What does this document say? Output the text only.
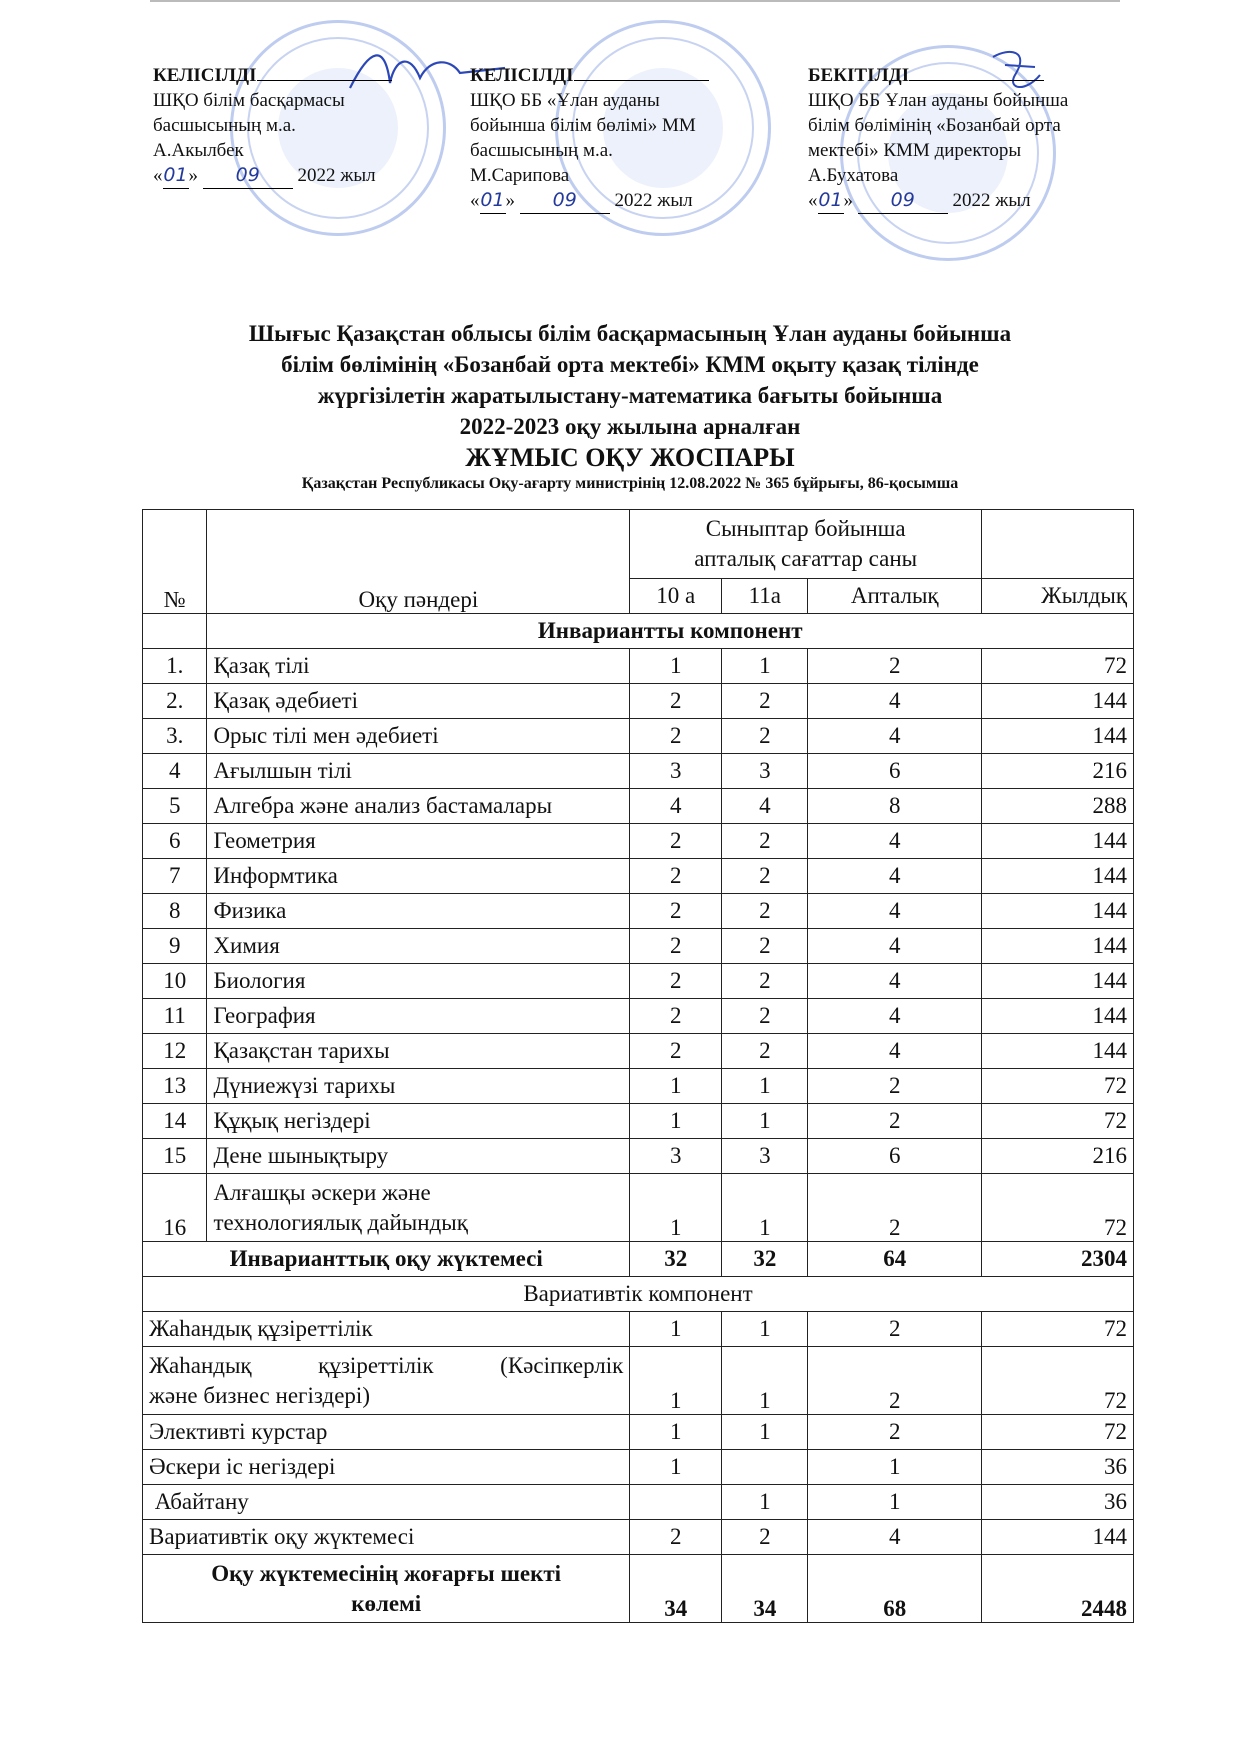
КЕЛІСІЛДІ
ШҚО білім басқармасы
басшысының м.а.
А.Акылбек
«01» 09 2022 жыл
КЕЛІСІЛДІ
ШҚО ББ «Ұлан ауданы
бойынша білім бөлімі» ММ
басшысының м.а.
М.Сарипова
«01» 09 2022 жыл
БЕКІТІЛДІ
ШҚО ББ Ұлан ауданы бойынша
білім бөлімінің «Бозанбай орта
мектебі» КММ директоры
А.Бухатова
«01» 09 2022 жыл
Шығыс Қазақстан облысы білім басқармасының Ұлан ауданы бойынша
білім бөлімінің «Бозанбай орта мектебі» КММ оқыту қазақ тілінде
жүргізілетін жаратылыстану-математика бағыты бойынша
2022-2023 оқу жылына арналған
ЖҰМЫС ОҚУ ЖОСПАРЫ
Қазақстан Республикасы Оқу-ағарту министрінің 12.08.2022 № 365 бұйрығы, 86-қосымша
№	Оқу пәндері	Сыныптар бойынша
апталық сағаттар саны			

		10 а	11а	Апталық	Жылдық
	Инвариантты компонент				
1.	Қазақ тілі	1	1	2	72
2.	Қазақ әдебиеті	2	2	4	144
3.	Орыс тілі мен әдебиеті	2	2	4	144
4	Ағылшын тілі	3	3	6	216
5	Алгебра және анализ бастамалары	4	4	8	288
6	Геометрия	2	2	4	144
7	Информтика	2	2	4	144
8	Физика	2	2	4	144
9	Химия	2	2	4	144
10	Биология	2	2	4	144
11	География	2	2	4	144
12	Қазақстан тарихы	2	2	4	144
13	Дүниежүзі тарихы	1	1	2	72
14	Құқық негіздері	1	1	2	72
15	Дене шынықтыру	3	3	6	216
16	Алғашқы әскери және
технологиялық дайындық	1	1	2	72
Инварианттық оқу жүктемесі		32	32	64	2304
Вариативтік компонент					
Жаһандық құзіреттілік		1	1	2	72

Жаһандық құзіреттілік (Кәсіпкерлік
және бизнес негіздері)		1	1	2	72
Элективті курстар		1	1	2	72
Әскери іс негіздері		1		1	36
Абайтану			1	1	36
Вариативтік оқу жүктемесі		2	2	4	144

Оқу жүктемесінің жоғарғы шекті
көлемі		34	34	68	2448
